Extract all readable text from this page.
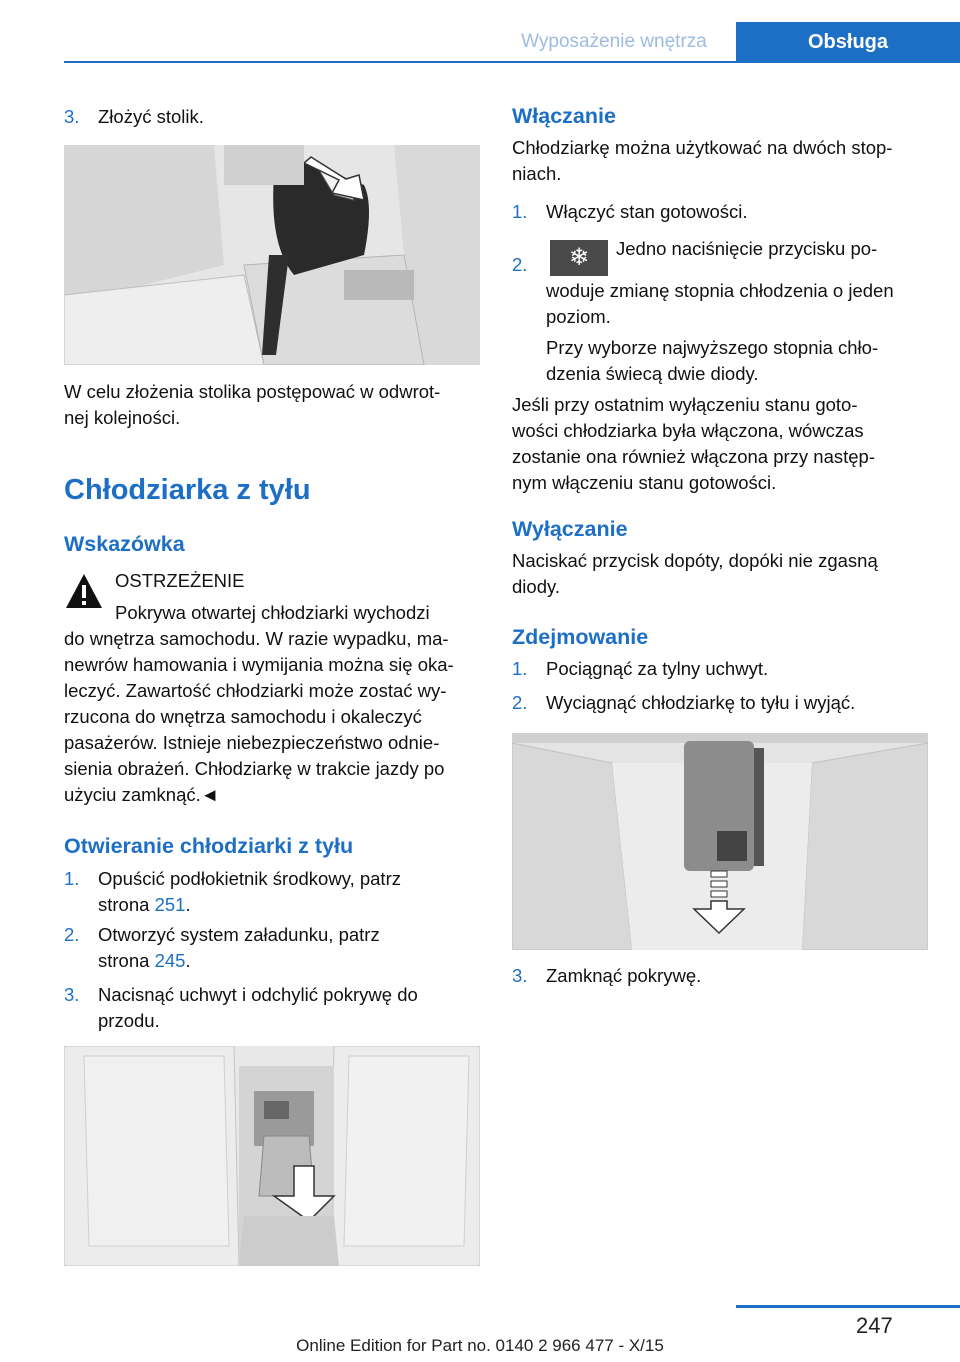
Wyposażenie wnętrza	Obsługa
3. Złożyć stolik.
W celu złożenia stolika postępować w odwrot‐
nej kolejności.
Chłodziarka z tyłu
Wskazówka
OSTRZEŻENIE
Pokrywa otwartej chłodziarki wychodzi
do wnętrza samochodu. W razie wypadku, ma‐
newrów hamowania i wymijania można się oka‐
leczyć. Zawartość chłodziarki może zostać wy‐
rzucona do wnętrza samochodu i okaleczyć
pasażerów. Istnieje niebezpieczeństwo odnie‐
sienia obrażeń. Chłodziarkę w trakcie jazdy po
użyciu zamknąć.◄
Otwieranie chłodziarki z tyłu
1. Opuścić podłokietnik środkowy, patrz
strona 251.
2. Otworzyć system załadunku, patrz
strona 245.
3. Nacisnąć uchwyt i odchylić pokrywę do
przodu.
Włączanie
Chłodziarkę można użytkować na dwóch stop‐
niach.
1. Włączyć stan gotowości.
2.	❄ Jedno naciśnięcie przycisku po‐
woduje zmianę stopnia chłodzenia o jeden
poziom.
Przy wyborze najwyższego stopnia chło‐
dzenia świecą dwie diody.
Jeśli przy ostatnim wyłączeniu stanu goto‐
wości chłodziarka była włączona, wówczas
zostanie ona również włączona przy następ‐
nym włączeniu stanu gotowości.
Wyłączanie
Naciskać przycisk dopóty, dopóki nie zgasną
diody.
Zdejmowanie
1. Pociągnąć za tylny uchwyt.
2. Wyciągnąć chłodziarkę to tyłu i wyjąć.
3. Zamknąć pokrywę.
247
Online Edition for Part no. 0140 2 966 477 - X/15
